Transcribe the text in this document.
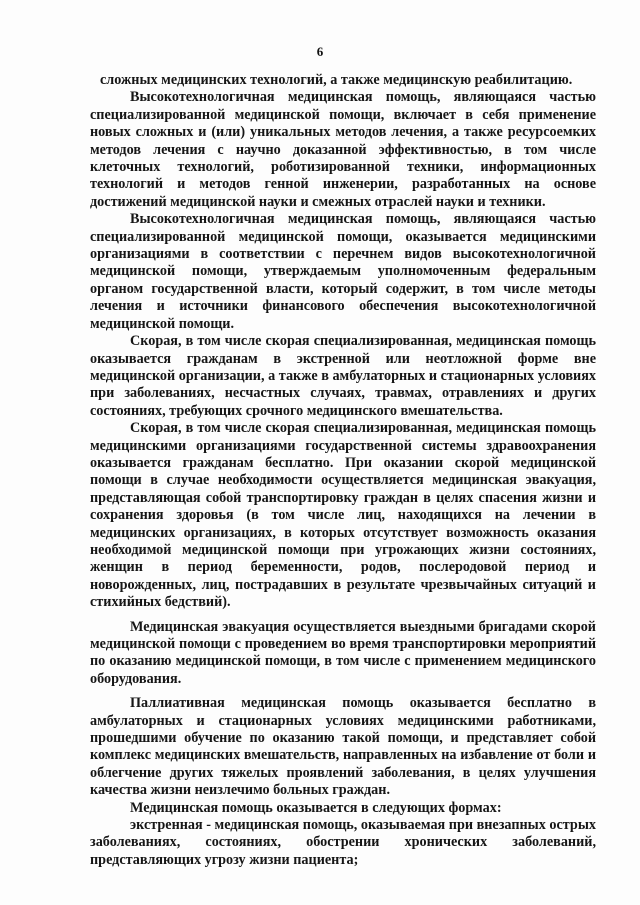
6

сложных медицинских технологий, а также медицинскую реабилитацию.

Высокотехнологичная медицинская помощь, являющаяся частью специализированной медицинской помощи, включает в себя применение новых сложных и (или) уникальных методов лечения, а также ресурсоемких методов лечения с научно доказанной эффективностью, в том числе клеточных технологий, роботизированной техники, информационных технологий и методов генной инженерии, разработанных на основе достижений медицинской науки и смежных отраслей науки и техники.

Высокотехнологичная медицинская помощь, являющаяся частью специализированной медицинской помощи, оказывается медицинскими организациями в соответствии с перечнем видов высокотехнологичной медицинской помощи, утверждаемым уполномоченным федеральным органом государственной власти, который содержит, в том числе методы лечения и источники финансового обеспечения высокотехнологичной медицинской помощи.

Скорая, в том числе скорая специализированная, медицинская помощь оказывается гражданам в экстренной или неотложной форме вне медицинской организации, а также в амбулаторных и стационарных условиях при заболеваниях, несчастных случаях, травмах, отравлениях и других состояниях, требующих срочного медицинского вмешательства.

Скорая, в том числе скорая специализированная, медицинская помощь медицинскими организациями государственной системы здравоохранения оказывается гражданам бесплатно. При оказании скорой медицинской помощи в случае необходимости осуществляется медицинская эвакуация, представляющая собой транспортировку граждан в целях спасения жизни и сохранения здоровья (в том числе лиц, находящихся на лечении в медицинских организациях, в которых отсутствует возможность оказания необходимой медицинской помощи при угрожающих жизни состояниях, женщин в период беременности, родов, послеродовой период и новорожденных, лиц, пострадавших в результате чрезвычайных ситуаций и стихийных бедствий).

Медицинская эвакуация осуществляется выездными бригадами скорой медицинской помощи с проведением во время транспортировки мероприятий по оказанию медицинской помощи, в том числе с применением медицинского оборудования.

Паллиативная медицинская помощь оказывается бесплатно в амбулаторных и стационарных условиях медицинскими работниками, прошедшими обучение по оказанию такой помощи, и представляет собой комплекс медицинских вмешательств, направленных на избавление от боли и облегчение других тяжелых проявлений заболевания, в целях улучшения качества жизни неизлечимо больных граждан.

Медицинская помощь оказывается в следующих формах:

экстренная - медицинская помощь, оказываемая при внезапных острых заболеваниях, состояниях, обострении хронических заболеваний, представляющих угрозу жизни пациента;
